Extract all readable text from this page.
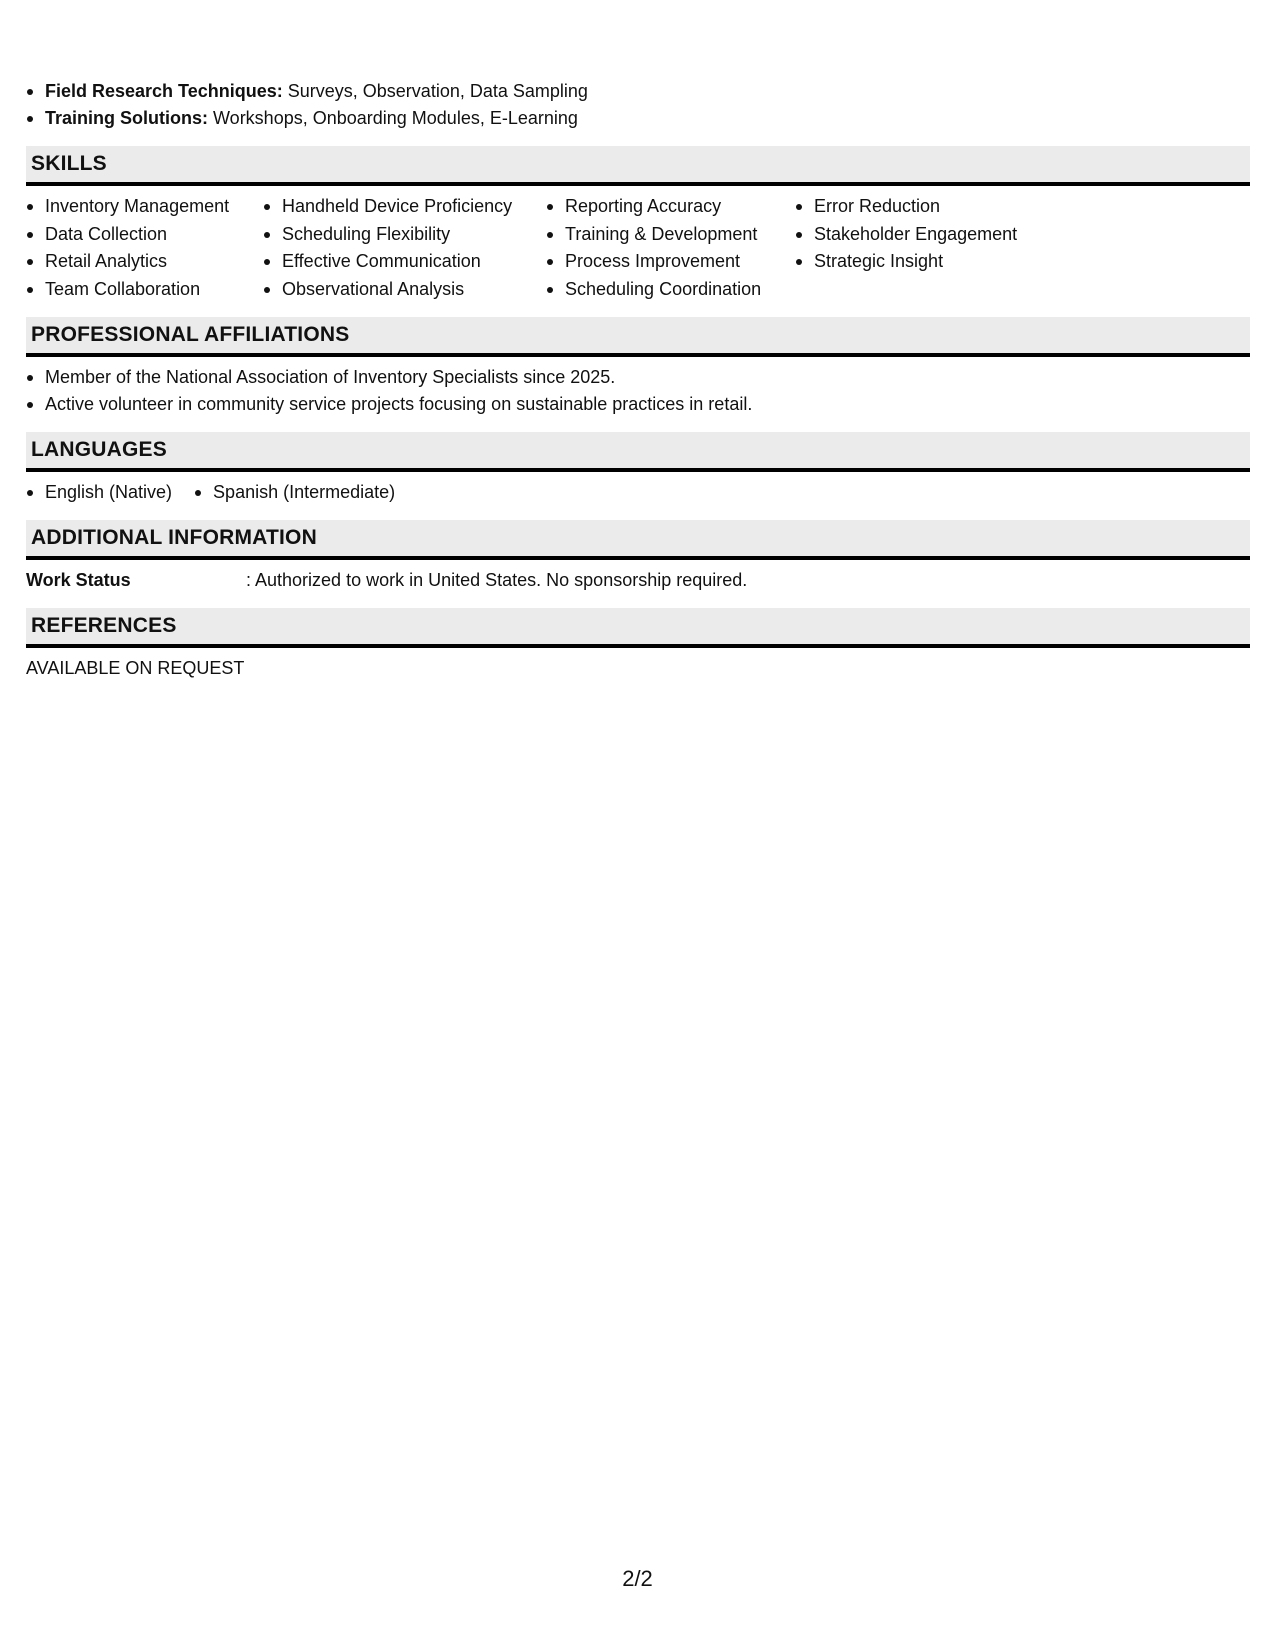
Field Research Techniques: Surveys, Observation, Data Sampling
Training Solutions: Workshops, Onboarding Modules, E-Learning
SKILLS
Inventory Management
Data Collection
Retail Analytics
Team Collaboration
Handheld Device Proficiency
Scheduling Flexibility
Effective Communication
Observational Analysis
Reporting Accuracy
Training & Development
Process Improvement
Scheduling Coordination
Error Reduction
Stakeholder Engagement
Strategic Insight
PROFESSIONAL AFFILIATIONS
Member of the National Association of Inventory Specialists since 2025.
Active volunteer in community service projects focusing on sustainable practices in retail.
LANGUAGES
English (Native)	Spanish (Intermediate)
ADDITIONAL INFORMATION
Work Status	: Authorized to work in United States. No sponsorship required.
REFERENCES
AVAILABLE ON REQUEST
2/2
